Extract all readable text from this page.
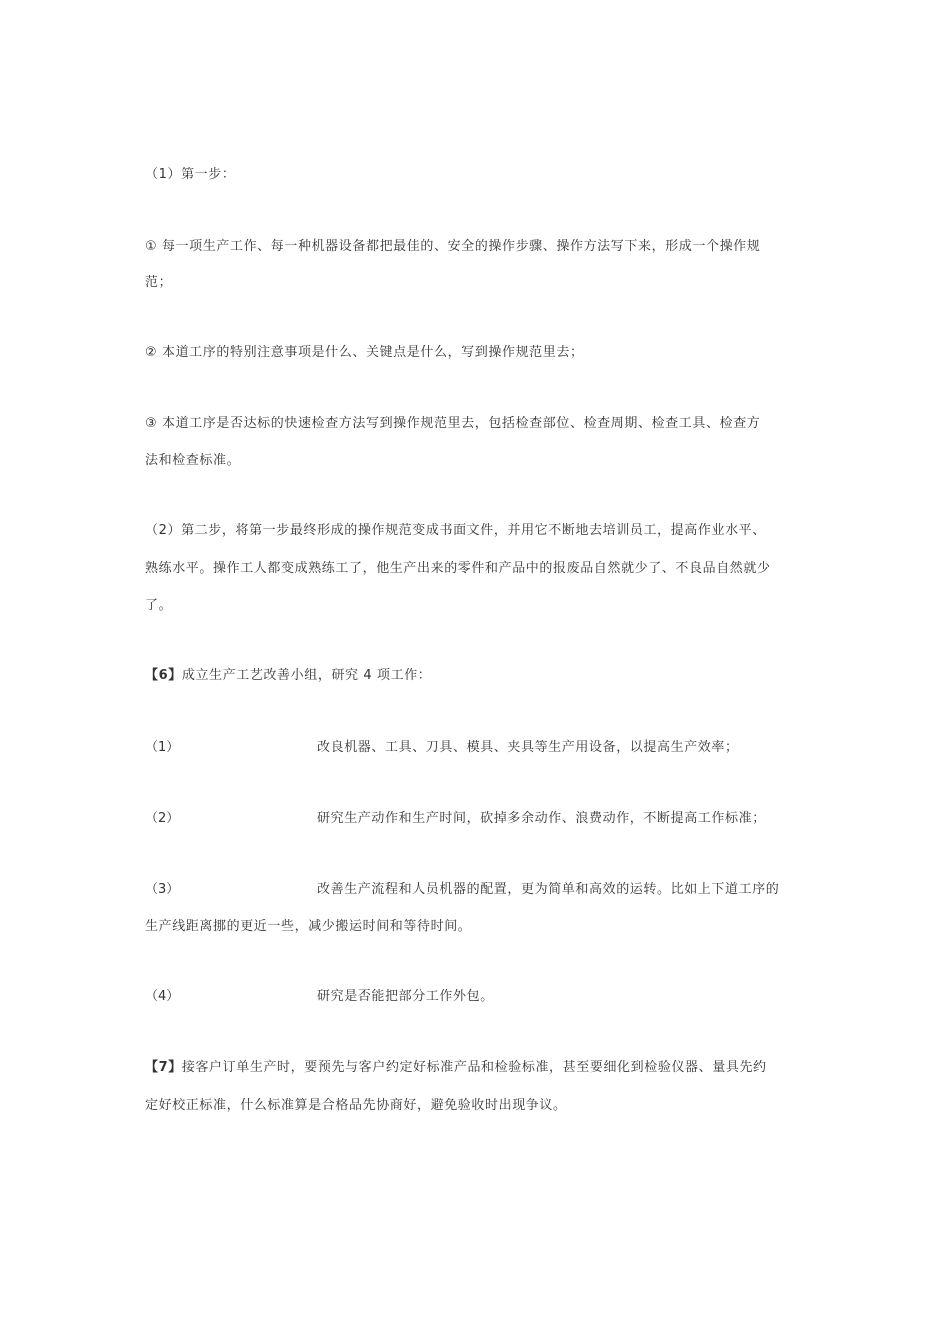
（1）第一步：
① 每一项生产工作、每一种机器设备都把最佳的、安全的操作步骤、操作方法写下来，形成一个操作规
范；
② 本道工序的特别注意事项是什么、关键点是什么，写到操作规范里去；
③ 本道工序是否达标的快速检查方法写到操作规范里去，包括检查部位、检查周期、检查工具、检查方
法和检查标准。
（2）第二步，将第一步最终形成的操作规范变成书面文件，并用它不断地去培训员工，提高作业水平、
熟练水平。操作工人都变成熟练工了，他生产出来的零件和产品中的报废品自然就少了、不良品自然就少
了。
【6】成立生产工艺改善小组，研究 4 项工作：
（1）	改良机器、工具、刀具、模具、夹具等生产用设备，以提高生产效率；
（2）	研究生产动作和生产时间，砍掉多余动作、浪费动作，不断提高工作标准；
（3）	改善生产流程和人员机器的配置，更为简单和高效的运转。比如上下道工序的
生产线距离挪的更近一些，减少搬运时间和等待时间。
（4）	研究是否能把部分工作外包。
【7】接客户订单生产时，要预先与客户约定好标准产品和检验标准，甚至要细化到检验仪器、量具先约
定好校正标准，什么标准算是合格品先协商好，避免验收时出现争议。
